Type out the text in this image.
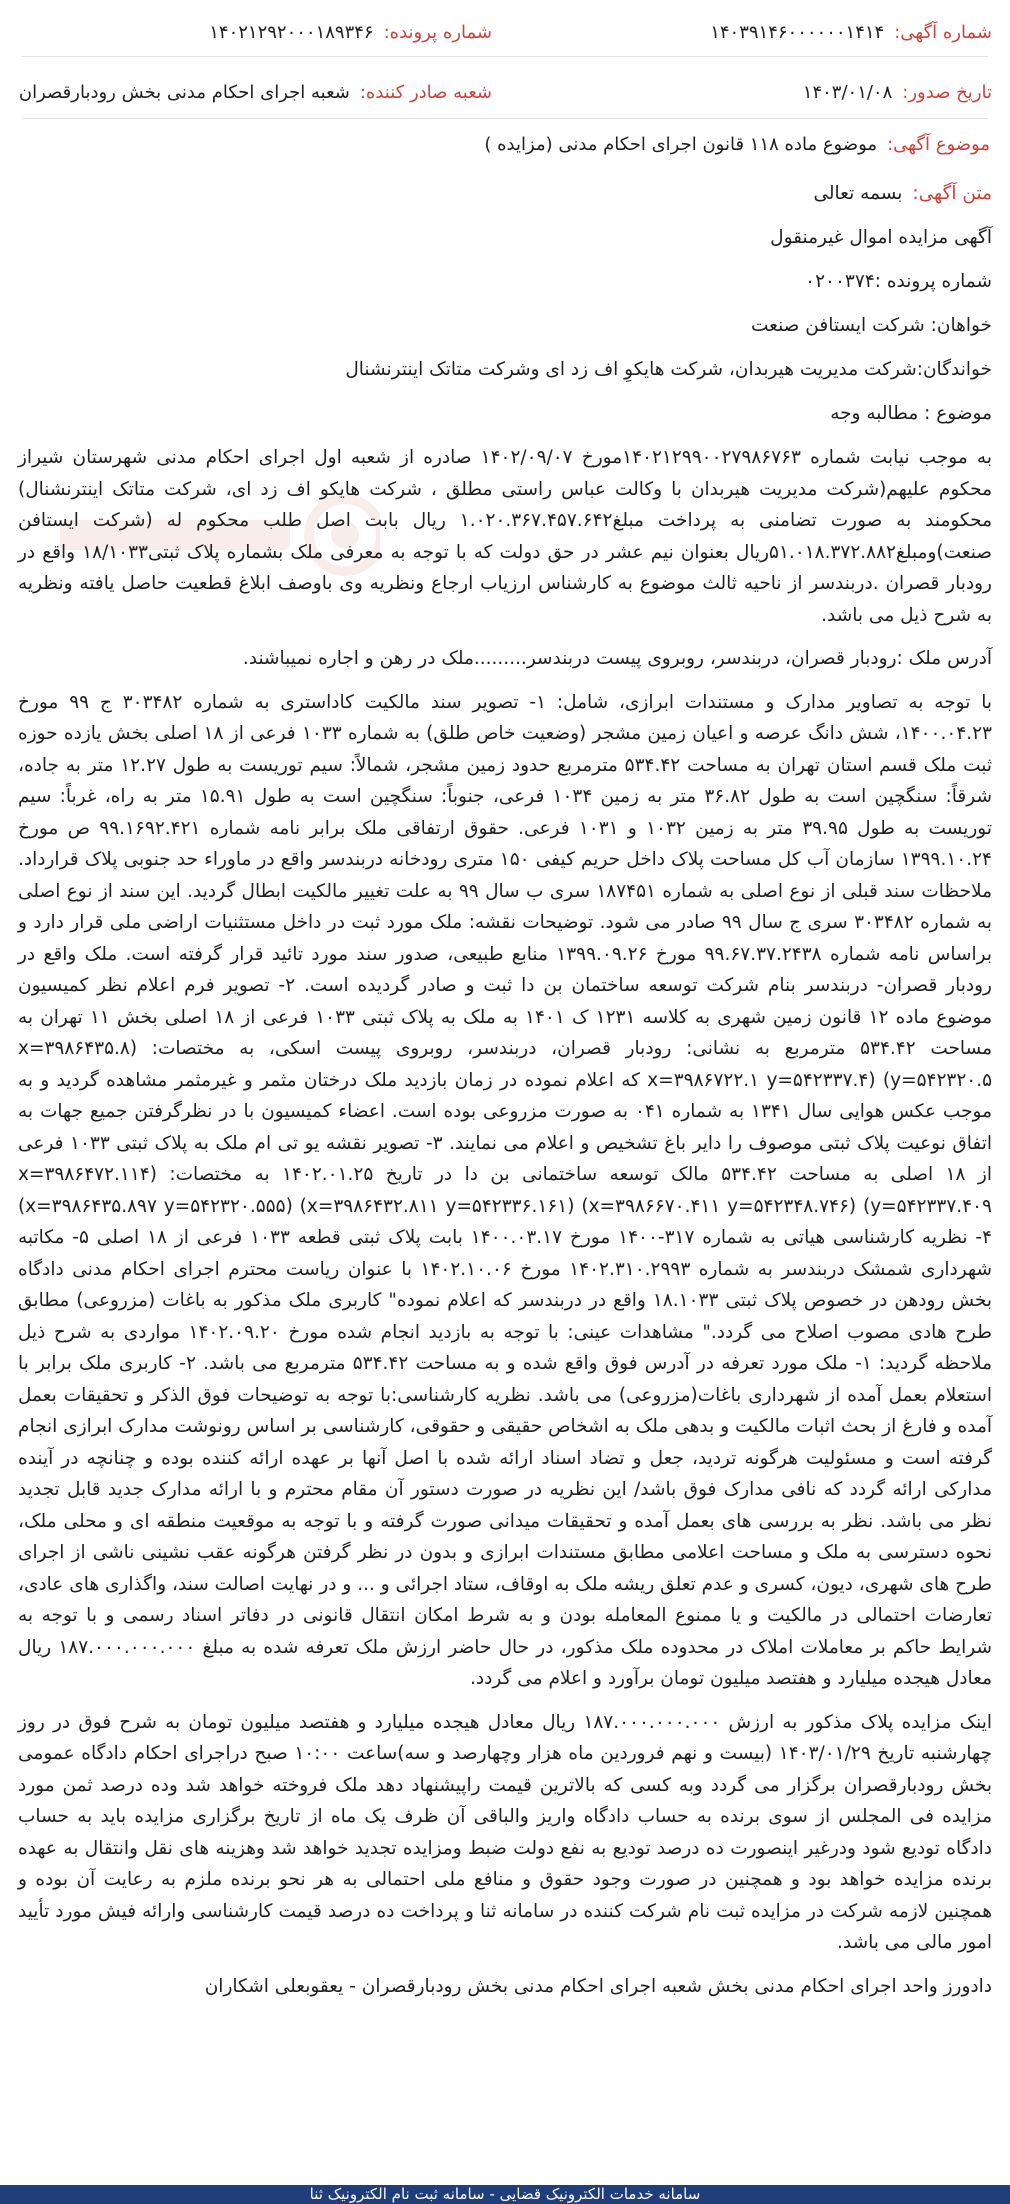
شماره آگهی:
۱۴۰۳۹۱۴۶۰۰۰۰۰۰۱۴۱۴
شماره پرونده:
۱۴۰۲۱۲۹۲۰۰۰۱۸۹۳۴۶
تاریخ صدور:
۱۴۰۳/۰۱/۰۸
شعبه صادر کننده:
شعبه اجرای احکام مدنی بخش رودبارقصران
موضوع آگهی:
موضوع ماده ۱۱۸ قانون اجرای احکام مدنی (مزایده )
متن آگهی:بسمه تعالی
آگهی مزایده اموال غیرمنقول
شماره پرونده :۰۲۰۰۳۷۴
خواهان: شرکت ایستافن صنعت
خواندگان:شرکت مدیریت هیربدان، شرکت هایکوِ اف زد ای وشرکت متاتک اینترنشنال
موضوع : مطالبه وجه

به موجب نیابت شماره ۱۴۰۲۱۲۹۹۰۰۲۷۹۸۶۷۶۳مورخ ۱۴۰۲/۰۹/۰۷ صادره از شعبه اول اجرای احکام مدنی شهرستان شیراز محکوم علیهم(شرکت مدیریت هیربدان با وکالت عباس راستی مطلق ، شرکت هایکو اف زد ای، شرکت متاتک اینترنشنال) محکومند به صورت تضامنی به پرداخت مبلغ۱.۰۲۰.۳۶۷.۴۵۷.۶۴۲ ریال بابت اصل طلب محکوم له (شرکت ایستافن صنعت)ومبلغ۵۱.۰۱۸.۳۷۲.۸۸۲ریال بعنوان نیم عشر در حق دولت که با توجه به معرفی ملک بشماره پلاک ثبتی۱۸/۱۰۳۳ واقع در رودبار قصران .دربندسر از ناحیه ثالث موضوع به کارشناس ارزیاب ارجاع ونظریه وی باوصف ابلاغ قطعیت حاصل یافته ونظریه به شرح ذیل می باشد.

آدرس ملک :رودبار قصران، دربندسر، روبروی پیست دربندسر.........ملک در رهن و اجاره نمیباشند.

با توجه به تصاویر مدارک و مستندات ابرازی، شامل: ۱- تصویر سند مالکیت کاداستری به شماره ۳۰۳۴۸۲ ج ۹۹ مورخ ۱۴۰۰.۰۴.۲۳، شش دانگ عرصه و اعیان زمین مشجر (وضعیت خاص طلق) به شماره ۱۰۳۳ فرعی از ۱۸ اصلی بخش یازده حوزه ثبت ملک قسم استان تهران به مساحت ۵۳۴.۴۲ مترمربع حدود زمین مشجر، شمالاً: سیم توریست به طول ۱۲.۲۷ متر به جاده، شرقاً: سنگچین است به طول ۳۶.۸۲ متر به زمین ۱۰۳۴ فرعی، جنوباً: سنگچین است به طول ۱۵.۹۱ متر به راه، غرباً: سیم توریست به طول ۳۹.۹۵ متر به زمین ۱۰۳۲ و ۱۰۳۱ فرعی. حقوق ارتفاقی ملک برابر نامه شماره ۹۹.۱۶۹۲.۴۲۱ ص مورخ ۱۳۹۹.۱۰.۲۴ سازمان آب کل مساحت پلاک داخل حریم کیفی ۱۵۰ متری رودخانه دربندسر واقع در ماوراء حد جنوبی پلاک قرارداد. ملاحظات سند قبلی از نوع اصلی به شماره ۱۸۷۴۵۱ سری ب سال ۹۹ به علت تغییر مالکیت ابطال گردید. این سند از نوع اصلی به شماره ۳۰۳۴۸۲ سری ج سال ۹۹ صادر می شود. توضیحات نقشه: ملک مورد ثبت در داخل مستثنیات اراضی ملی قرار دارد و براساس نامه شماره ۹۹.۶۷.۳۷.۲۴۳۸ مورخ ۱۳۹۹.۰۹.۲۶ منابع طبیعی، صدور سند مورد تائید قرار گرفته است. ملک واقع در رودبار قصران- دربندسر بنام شرکت توسعه ساختمان بن دا ثبت و صادر گردیده است. ۲- تصویر فرم اعلام نظر کمیسیون موضوع ماده ۱۲ قانون زمین شهری به کلاسه ۱۲۳۱ ک ۱۴۰۱ به ملک به پلاک ثبتی ۱۰۳۳ فرعی از ۱۸ اصلی بخش ۱۱ تهران به مساحت ۵۳۴.۴۲ مترمربع به نشانی: رودبار قصران، دربندسر، روبروی پیست اسکی، به مختصات: (x=۳۹۸۶۴۳۵.۸ y=۵۴۲۳۲۰.۵) (x=۳۹۸۶۷۲۲.۱ y=۵۴۲۳۳۷.۴ که اعلام نموده در زمان بازدید ملک درختان مثمر و غیرمثمر مشاهده گردید و به موجب عکس هوایی سال ۱۳۴۱ به شماره ۰۴۱ به صورت مزروعی بوده است. اعضاء کمیسیون با در نظرگرفتن جمیع جهات به اتفاق نوعیت پلاک ثبتی موصوف را دایر باغ تشخیص و اعلام می نمایند. ۳- تصویر نقشه یو تی ام ملک به پلاک ثبتی ۱۰۳۳ فرعی از ۱۸ اصلی به مساحت ۵۳۴.۴۲ مالک توسعه ساختمانی بن دا در تاریخ ۱۴۰۲.۰۱.۲۵ به مختصات: (x=۳۹۸۶۴۷۲.۱۱۴ y=۵۴۲۳۳۷.۴۰۹) (x=۳۹۸۶۶۷۰.۴۱۱ y=۵۴۲۳۴۸.۷۴۶) (x=۳۹۸۶۴۳۲.۸۱۱ y=۵۴۲۳۳۶.۱۶۱) (x=۳۹۸۶۴۳۵.۸۹۷ y=۵۴۲۳۲۰.۵۵۵) ۴- نظریه کارشناسی هیاتی به شماره ۳۱۷-۱۴۰۰ مورخ ۱۴۰۰.۰۳.۱۷ بابت پلاک ثبتی قطعه ۱۰۳۳ فرعی از ۱۸ اصلی ۵- مکاتبه شهرداری شمشک دربندسر به شماره ۱۴۰۲.۳۱۰.۲۹۹۳ مورخ ۱۴۰۲.۱۰.۰۶ با عنوان ریاست محترم اجرای احکام مدنی دادگاه بخش رودهن در خصوص پلاک ثبتی ۱۸.۱۰۳۳ واقع در دربندسر که اعلام نموده" کاربری ملک مذکور به باغات (مزروعی) مطابق طرح هادی مصوب اصلاح می گردد." مشاهدات عینی: با توجه به بازدید انجام شده مورخ ۱۴۰۲.۰۹.۲۰ مواردی به شرح ذیل ملاحظه گردید: ۱- ملک مورد تعرفه در آدرس فوق واقع شده و به مساحت ۵۳۴.۴۲ مترمربع می باشد. ۲- کاربری ملک برابر با استعلام بعمل آمده از شهرداری باغات(مزروعی) می باشد. نظریه کارشناسی:با توجه به توضیحات فوق الذکر و تحقیقات بعمل آمده و فارغ از بحث اثبات مالکیت و بدهی ملک به اشخاص حقیقی و حقوقی، کارشناسی بر اساس رونوشت مدارک ابرازی انجام گرفته است و مسئولیت هرگونه تردید، جعل و تضاد اسناد ارائه شده با اصل آنها بر عهده ارائه کننده بوده و چنانچه در آینده مدارکی ارائه گردد که نافی مدارک فوق باشد/ این نظریه در صورت دستور آن مقام محترم و با ارائه مدارک جدید قابل تجدید نظر می باشد. نظر به بررسی های بعمل آمده و تحقیقات میدانی صورت گرفته و با توجه به موقعیت منطقه ای و محلی ملک، نحوه دسترسی به ملک و مساحت اعلامی مطابق مستندات ابرازی و بدون در نظر گرفتن هرگونه عقب نشینی ناشی از اجرای طرح های شهری، دیون، کسری و عدم تعلق ریشه ملک به اوقاف، ستاد اجرائی و ... و در نهایت اصالت سند، واگذاری های عادی، تعارضات احتمالی در مالکیت و یا ممنوع المعامله بودن و به شرط امکان انتقال قانونی در دفاتر اسناد رسمی و با توجه به شرایط حاکم بر معاملات املاک در محدوده ملک مذکور، در حال حاضر ارزش ملک تعرفه شده به مبلغ ۱۸۷.۰۰۰.۰۰۰.۰۰۰ ریال معادل هیجده میلیارد و هفتصد میلیون تومان برآورد و اعلام می گردد.

اینک مزایده پلاک مذکور به ارزش ۱۸۷.۰۰۰.۰۰۰.۰۰۰ ریال معادل هیجده میلیارد و هفتصد میلیون تومان به شرح فوق در روز چهارشنبه تاریخ ۱۴۰۳/۰۱/۲۹ (بیست و نهم فروردین ماه هزار وچهارصد و سه)ساعت ۱۰:۰۰ صبح دراجرای احکام دادگاه عمومی بخش رودبارقصران برگزار می گردد وبه کسی که بالاترین قیمت راپیشنهاد دهد ملک فروخته خواهد شد وده درصد ثمن مورد مزایده فی المجلس از سوی برنده به حساب دادگاه واریز والباقی آن ظرف یک ماه از تاریخ برگزاری مزایده باید به حساب دادگاه تودیع شود ودرغیر اینصورت ده درصد تودیع به نفع دولت ضبط ومزایده تجدید خواهد شد وهزینه های نقل وانتقال به عهده برنده مزایده خواهد بود و همچنین در صورت وجود حقوق و منافع ملی احتمالی به هر نحو برنده ملزم به رعایت آن بوده و همچنین لازمه شرکت در مزایده ثبت نام شرکت کننده در سامانه ثنا و پرداخت ده درصد قیمت کارشناسی وارائه فیش مورد تأیید امور مالی می باشد.

دادورز واحد اجرای احکام مدنی بخش شعبه اجرای احکام مدنی بخش رودبارقصران - یعقوبعلی اشکاران
سامانه خدمات الکترونیک قضایی - سامانه ثبت نام الکترونیک ثنا
